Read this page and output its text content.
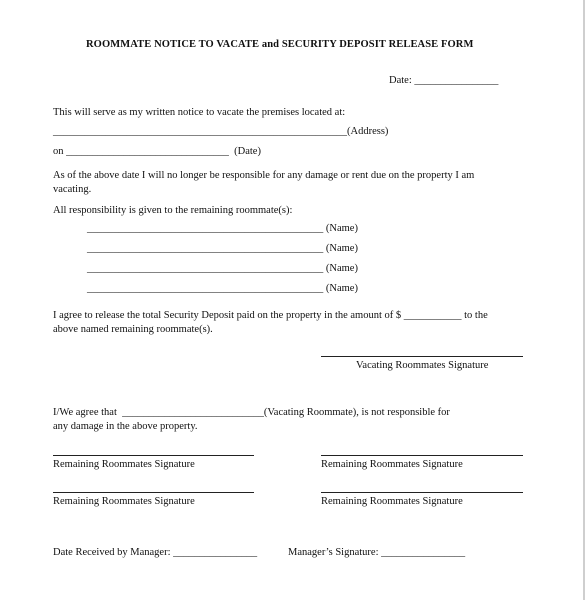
ROOMMATE NOTICE TO VACATE and SECURITY DEPOSIT RELEASE FORM
Date: ________________
This will serve as my written notice to vacate the premises located at:
________________________________________________________(Address)
on _______________________________  (Date)
As of the above date I will no longer be responsible for any damage or rent due on the property I am
vacating.
All responsibility is given to the remaining roommate(s):
_____________________________________________ (Name)
_____________________________________________ (Name)
_____________________________________________ (Name)
_____________________________________________ (Name)
I agree to release the total Security Deposit paid on the property in the amount of $ ___________ to the
above named remaining roommate(s).
Vacating Roommates Signature
I/We agree that  ___________________________(Vacating Roommate), is not responsible for
any damage in the above property.
Remaining Roommates Signature	Remaining Roommates Signature
Remaining Roommates Signature	Remaining Roommates Signature
Date Received by Manager: ________________	Manager’s Signature: ________________
